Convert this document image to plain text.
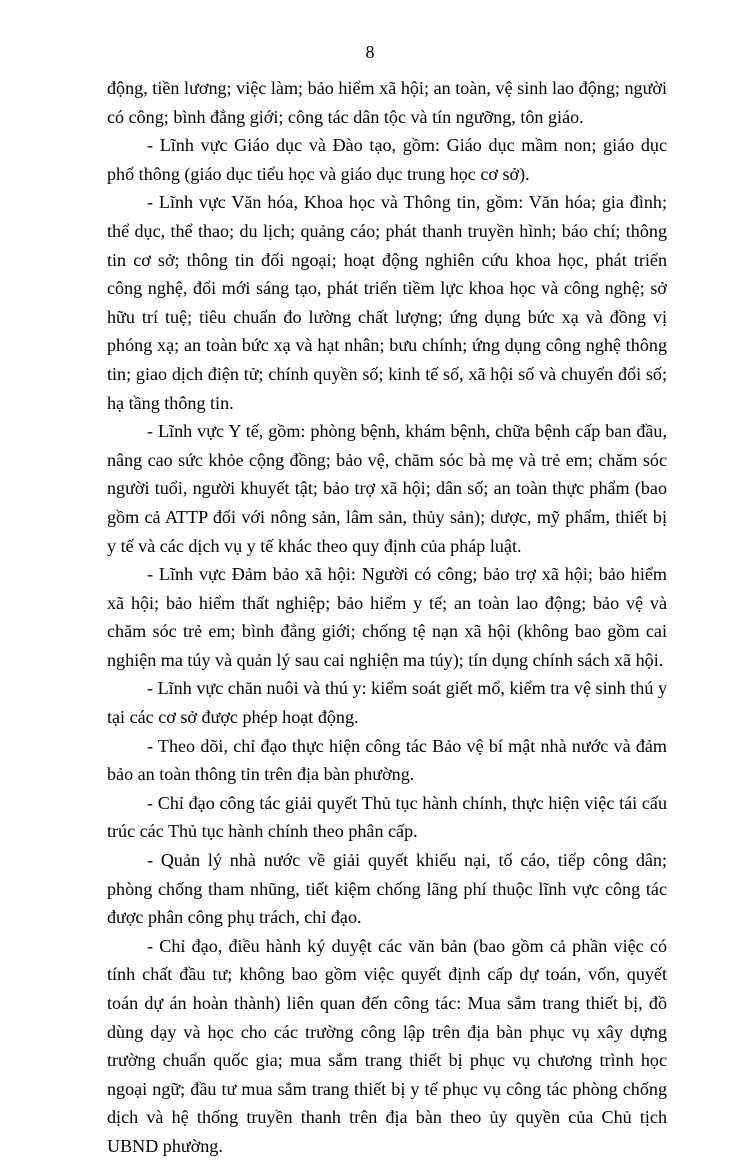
8

động, tiền lương; việc làm; bảo hiểm xã hội; an toàn, vệ sinh lao động; người có công; bình đẳng giới; công tác dân tộc và tín ngưỡng, tôn giáo.

- Lĩnh vực Giáo dục và Đào tạo, gồm: Giáo dục mầm non; giáo dục phổ thông (giáo dục tiểu học và giáo dục trung học cơ sở).

- Lĩnh vực Văn hóa, Khoa học và Thông tin, gồm: Văn hóa; gia đình; thể dục, thể thao; du lịch; quảng cáo; phát thanh truyền hình; báo chí; thông tin cơ sở; thông tin đối ngoại; hoạt động nghiên cứu khoa học, phát triển công nghệ, đổi mới sáng tạo, phát triển tiềm lực khoa học và công nghệ; sở hữu trí tuệ; tiêu chuẩn đo lường chất lượng; ứng dụng bức xạ và đồng vị phóng xạ; an toàn bức xạ và hạt nhân; bưu chính; ứng dụng công nghệ thông tin; giao dịch điện tử; chính quyền số; kinh tế số, xã hội số và chuyển đổi số; hạ tầng thông tin.

- Lĩnh vực Y tế, gồm: phòng bệnh, khám bệnh, chữa bệnh cấp ban đầu, nâng cao sức khỏe cộng đồng; bảo vệ, chăm sóc bà mẹ và trẻ em; chăm sóc người tuổi, người khuyết tật; bảo trợ xã hội; dân số; an toàn thực phẩm (bao gồm cả ATTP đối với nông sản, lâm sản, thủy sản); dược, mỹ phẩm, thiết bị y tế và các dịch vụ y tế khác theo quy định của pháp luật.

- Lĩnh vực Đảm bảo xã hội: Người có công; bảo trợ xã hội; bảo hiểm xã hội; bảo hiểm thất nghiệp; bảo hiểm y tế; an toàn lao động; bảo vệ và chăm sóc trẻ em; bình đẳng giới; chống tệ nạn xã hội (không bao gồm cai nghiện ma túy và quản lý sau cai nghiện ma túy); tín dụng chính sách xã hội.

- Lĩnh vực chăn nuôi và thú y: kiểm soát giết mổ, kiểm tra vệ sinh thú y tại các cơ sở được phép hoạt động.

- Theo dõi, chỉ đạo thực hiện công tác Bảo vệ bí mật nhà nước và đảm bảo an toàn thông tin trên địa bàn phường.

- Chỉ đạo công tác giải quyết Thủ tục hành chính, thực hiện việc tái cấu trúc các Thủ tục hành chính theo phân cấp.

- Quản lý nhà nước về giải quyết khiếu nại, tố cáo, tiếp công dân; phòng chống tham nhũng, tiết kiệm chống lãng phí thuộc lĩnh vực công tác được phân công phụ trách, chỉ đạo.

- Chỉ đạo, điều hành ký duyệt các văn bản (bao gồm cả phần việc có tính chất đầu tư; không bao gồm việc quyết định cấp dự toán, vốn, quyết toán dự án hoàn thành) liên quan đến công tác: Mua sắm trang thiết bị, đồ dùng dạy và học cho các trường công lập trên địa bàn phục vụ xây dựng trường chuẩn quốc gia; mua sắm trang thiết bị phục vụ chương trình học ngoại ngữ; đầu tư mua sắm trang thiết bị y tế phục vụ công tác phòng chống dịch và hệ thống truyền thanh trên địa bàn theo ủy quyền của Chủ tịch UBND phường.
